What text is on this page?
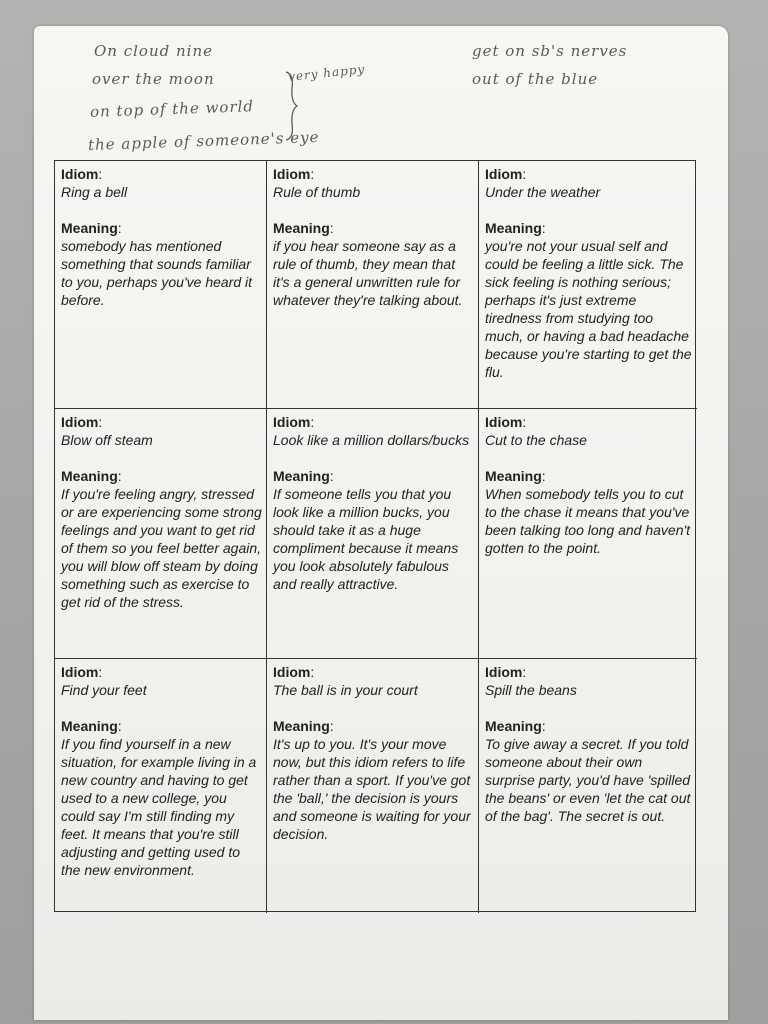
On cloud nine
over the moon
on top of the world
the apple of someone's eye
very happy
get on sb's nerves
out of the blue
Idiom:
Ring a bell
Meaning:
somebody has mentioned something that sounds familiar to you, perhaps you've heard it before.
Idiom:
Rule of thumb
Meaning:
if you hear someone say as a rule of thumb, they mean that it's a general unwritten rule for whatever they're talking about.
Idiom:
Under the weather
Meaning:
you're not your usual self and could be feeling a little sick. The sick feeling is nothing serious; perhaps it's just extreme tiredness from studying too much, or having a bad headache because you're starting to get the flu.
Idiom:
Blow off steam
Meaning:
If you're feeling angry, stressed or are experiencing some strong feelings and you want to get rid of them so you feel better again, you will blow off steam by doing something such as exercise to get rid of the stress.
Idiom:
Look like a million dollars/bucks
Meaning:
If someone tells you that you look like a million bucks, you should take it as a huge compliment because it means you look absolutely fabulous and really attractive.
Idiom:
Cut to the chase
Meaning:
When somebody tells you to cut to the chase it means that you've been talking too long and haven't gotten to the point.
Idiom:
Find your feet
Meaning:
If you find yourself in a new situation, for example living in a new country and having to get used to a new college, you could say I'm still finding my feet. It means that you're still adjusting and getting used to the new environment.
Idiom:
The ball is in your court
Meaning:
It's up to you. It's your move now, but this idiom refers to life rather than a sport. If you've got the 'ball,' the decision is yours and someone is waiting for your decision.
Idiom:
Spill the beans
Meaning:
To give away a secret. If you told someone about their own surprise party, you'd have 'spilled the beans' or even 'let the cat out of the bag'. The secret is out.
